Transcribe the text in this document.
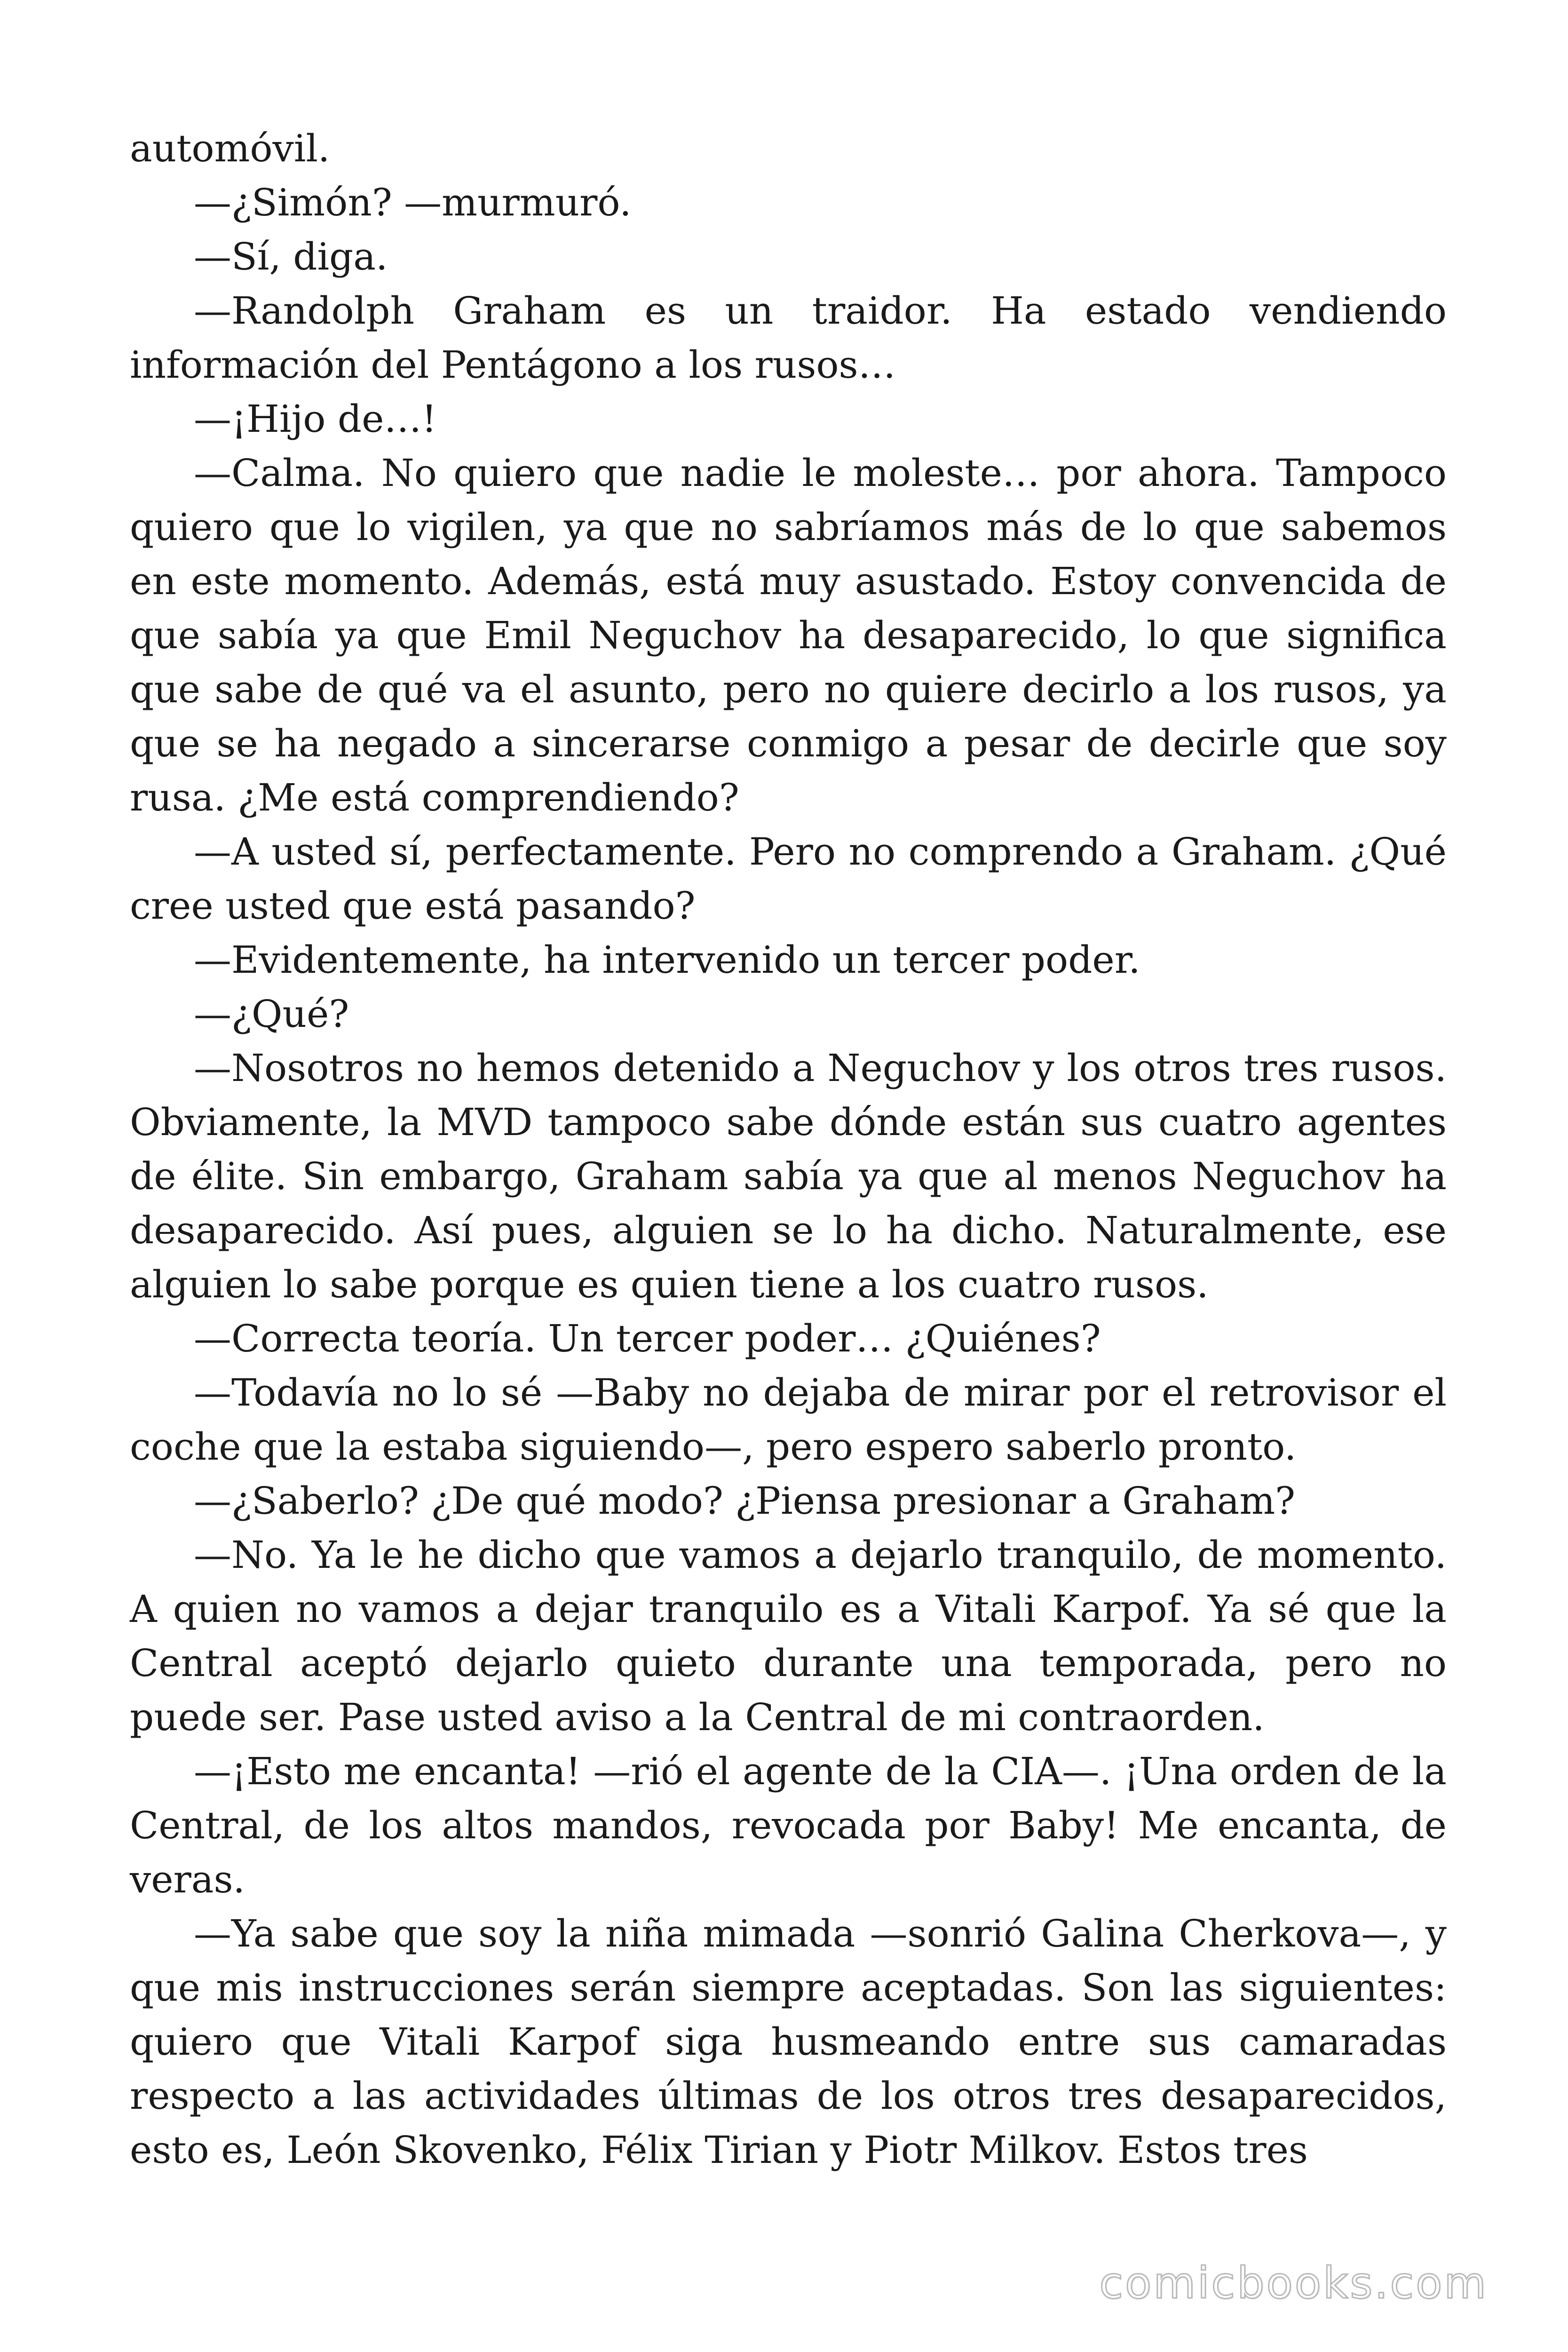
automóvil.

—¿Simón? —murmuró.

—Sí, diga.

—Randolph Graham es un traidor. Ha estado vendiendo información del Pentágono a los rusos…

—¡Hijo de…!

—Calma. No quiero que nadie le moleste… por ahora. Tampoco quiero que lo vigilen, ya que no sabríamos más de lo que sabemos en este momento. Además, está muy asustado. Estoy convencida de que sabía ya que Emil Neguchov ha desaparecido, lo que significa que sabe de qué va el asunto, pero no quiere decirlo a los rusos, ya que se ha negado a sincerarse conmigo a pesar de decirle que soy rusa. ¿Me está comprendiendo?

—A usted sí, perfectamente. Pero no comprendo a Graham. ¿Qué cree usted que está pasando?

—Evidentemente, ha intervenido un tercer poder.

—¿Qué?

—Nosotros no hemos detenido a Neguchov y los otros tres rusos. Obviamente, la MVD tampoco sabe dónde están sus cuatro agentes de élite. Sin embargo, Graham sabía ya que al menos Neguchov ha desaparecido. Así pues, alguien se lo ha dicho. Naturalmente, ese alguien lo sabe porque es quien tiene a los cuatro rusos.

—Correcta teoría. Un tercer poder… ¿Quiénes?

—Todavía no lo sé —Baby no dejaba de mirar por el retrovisor el coche que la estaba siguiendo—, pero espero saberlo pronto.

—¿Saberlo? ¿De qué modo? ¿Piensa presionar a Graham?

—No. Ya le he dicho que vamos a dejarlo tranquilo, de momento. A quien no vamos a dejar tranquilo es a Vitali Karpof. Ya sé que la Central aceptó dejarlo quieto durante una temporada, pero no puede ser. Pase usted aviso a la Central de mi contraorden.

—¡Esto me encanta! —rió el agente de la CIA—. ¡Una orden de la Central, de los altos mandos, revocada por Baby! Me encanta, de veras.

—Ya sabe que soy la niña mimada —sonrió Galina Cherkova—, y que mis instrucciones serán siempre aceptadas. Son las siguientes: quiero que Vitali Karpof siga husmeando entre sus camaradas respecto a las actividades últimas de los otros tres desaparecidos, esto es, León Skovenko, Félix Tirian y Piotr Milkov. Estos tres

comicbooks.com
